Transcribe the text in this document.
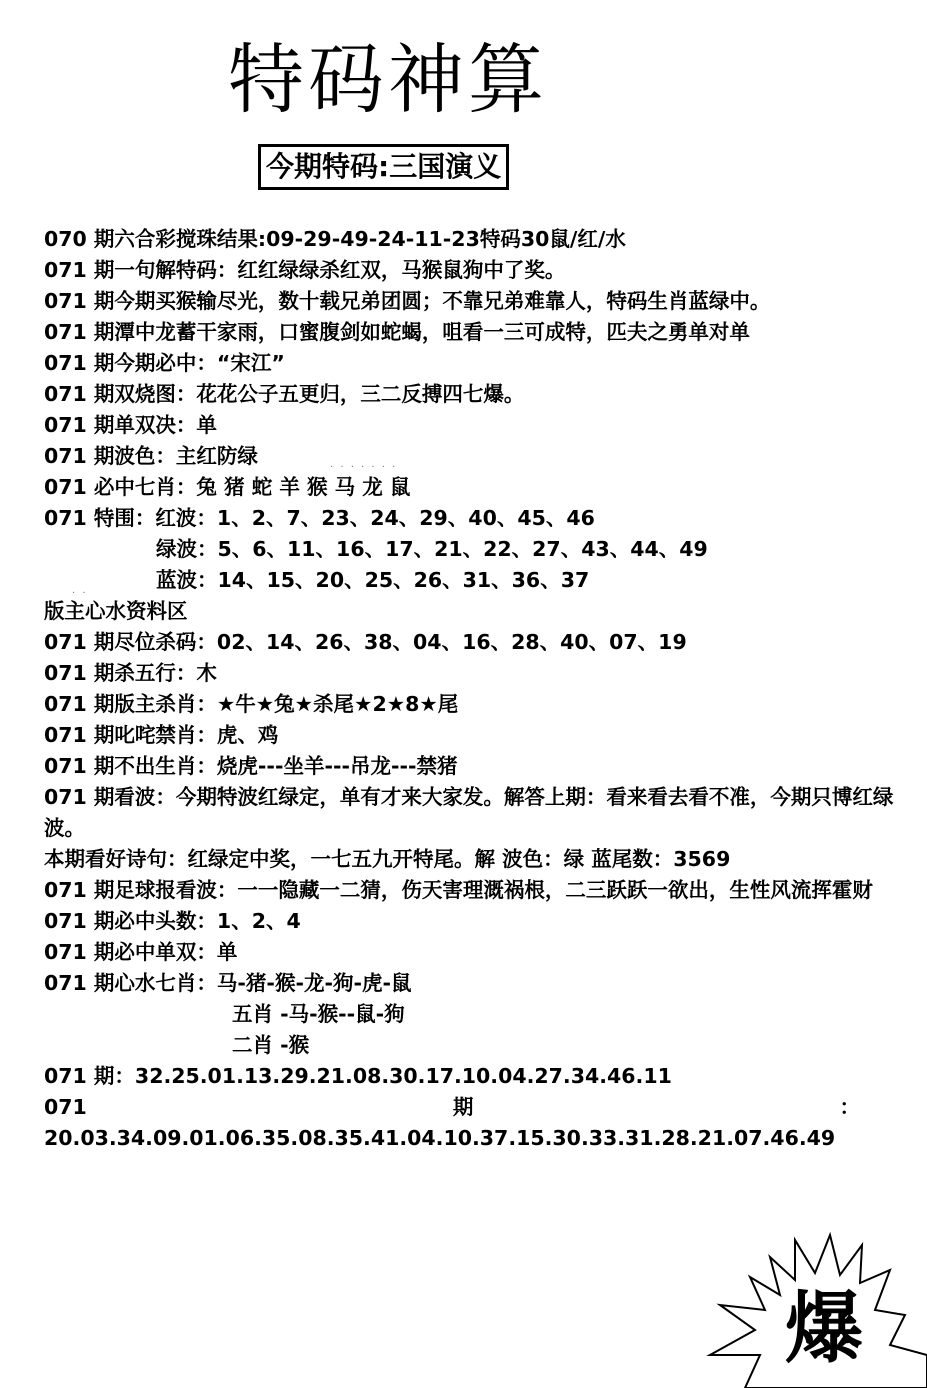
特码神算
今期特码:三国演义
070 期六合彩搅珠结果:09-29-49-24-11-23特码30鼠/红/水
071 期一句解特码：红红绿绿杀红双，马猴鼠狗中了奖。
071 期今期买猴输尽光，数十载兄弟团圆；不靠兄弟难靠人，特码生肖蓝绿中。
071 期潭中龙蓄干家雨，口蜜腹剑如蛇蝎，咀看一三可成特，匹夫之勇单对单
071 期今期必中：“宋江”
071 期双烧图：花花公子五更归，三二反搏四七爆。
071 期单双决：单
071 期波色：主红防绿
071 必中七肖：兔 猪 蛇 羊 猴 马 龙 鼠
071 特围：红波：1、2、7、23、24、29、40、45、46
绿波：5、6、11、16、17、21、22、27、43、44、49
蓝波：14、15、20、25、26、31、36、37
版主心水资料区
071 期尽位杀码：02、14、26、38、04、16、28、40、07、19
071 期杀五行：木
071 期版主杀肖：★牛★兔★杀尾★2★8★尾
071 期叱咤禁肖：虎、鸡
071 期不出生肖：烧虎---坐羊---吊龙---禁猪
071 期看波：今期特波红绿定，单有才来大家发。解答上期：看来看去看不准，今期只博红绿波。
本期看好诗句：红绿定中奖，一七五九开特尾。解 波色：绿 蓝尾数：3569
071 期足球报看波：一一隐藏一二猜，伤天害理溉祸根，二三跃跃一欲出，生性风流挥霍财
071 期必中头数：1、2、4
071 期必中单双：单
071 期心水七肖：马-猪-猴-龙-狗-虎-鼠
五肖 -马-猴--鼠-狗
二肖 -猴
071 期：32.25.01.13.29.21.08.30.17.10.04.27.34.46.11
071	期	：
20.03.34.09.01.06.35.08.35.41.04.10.37.15.30.33.31.28.21.07.46.49
· · · · · · ·
· ·
爆
